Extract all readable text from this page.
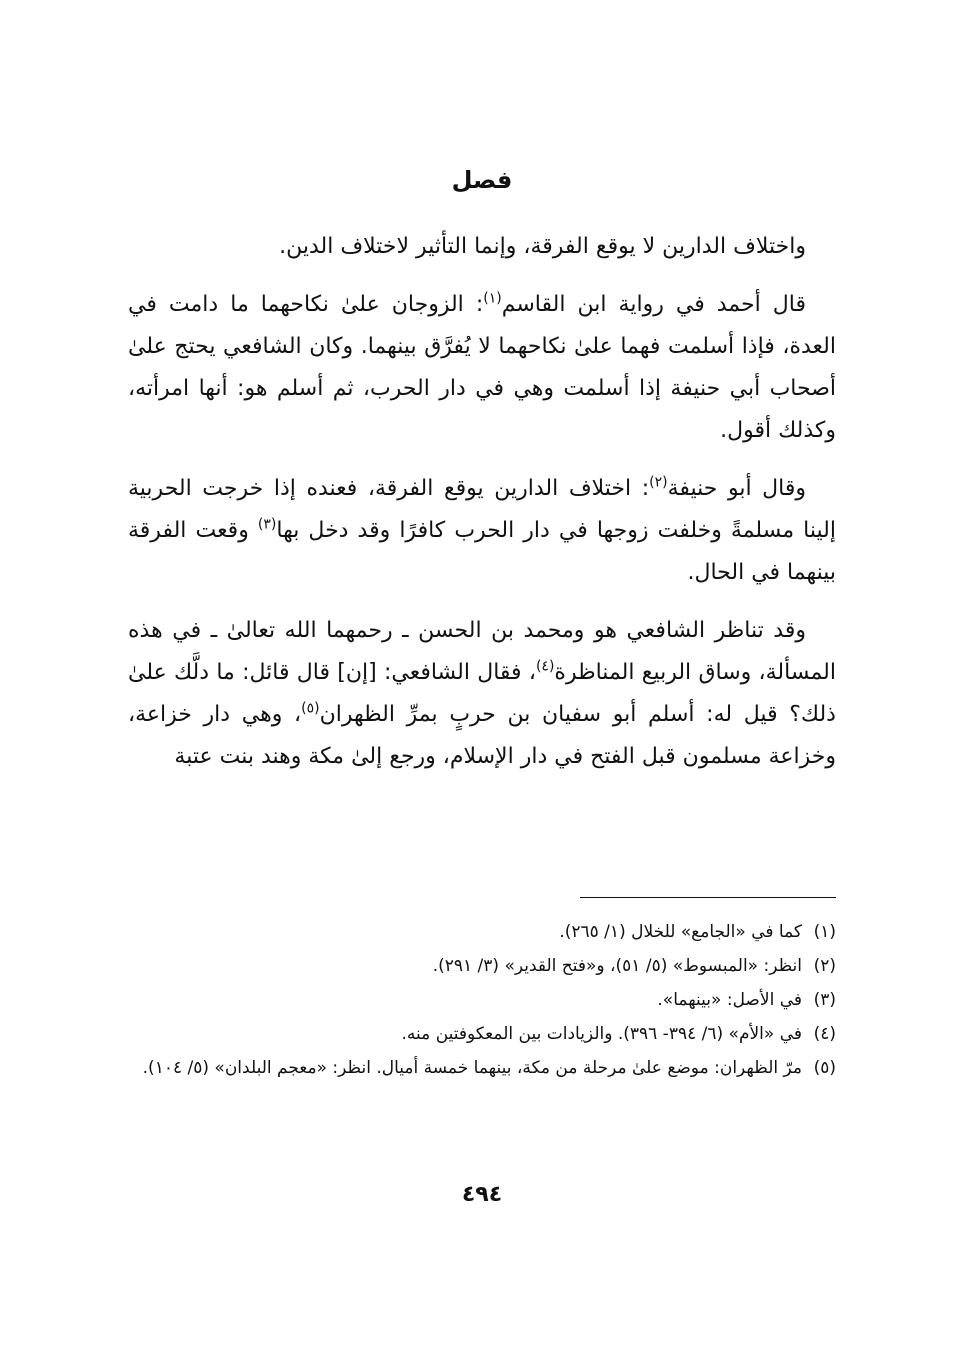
فصل

واختلاف الدارين لا يوقع الفرقة، وإنما التأثير لاختلاف الدين.

قال أحمد في رواية ابن القاسم$^{(١)}$: الزوجان علىٰ نكاحهما ما دامت في العدة، فإذا أسلمت فهما علىٰ نكاحهما لا يُفرَّق بينهما. وكان الشافعي يحتج علىٰ أصحاب أبي حنيفة إذا أسلمت وهي في دار الحرب، ثم أسلم هو: أنها امرأته، وكذلك أقول.

وقال أبو حنيفة$^{(٢)}$: اختلاف الدارين يوقع الفرقة، فعنده إذا خرجت الحربية إلينا مسلمةً وخلفت زوجها في دار الحرب كافرًا وقد دخل بها$^{(٣)}$ وقعت الفرقة بينهما في الحال.

وقد تناظر الشافعي هو ومحمد بن الحسن ـ رحمهما الله تعالىٰ ـ في هذه المسألة، وساق الربيع المناظرة$^{(٤)}$، فقال الشافعي: [إن] قال قائل: ما دلَّك علىٰ ذلك؟ قيل له: أسلم أبو سفيان بن حربٍ بمرِّ الظهران$^{(٥)}$، وهي دار خزاعة، وخزاعة مسلمون قبل الفتح في دار الإسلام، ورجع إلىٰ مكة وهند بنت عتبة

(١)
كما في «الجامع» للخلال (١/ ٢٦٥).

(٢)
انظر: «المبسوط» (٥/ ٥١)، و«فتح القدير» (٣/ ٢٩١).

(٣)
في الأصل: «بينهما».

(٤)
في «الأم» (٦/ ٣٩٤- ٣٩٦). والزيادات بين المعكوفتين منه.

(٥)
مرّ الظهران: موضع علىٰ مرحلة من مكة، بينهما خمسة أميال. انظر: «معجم البلدان» (٥/ ١٠٤).

٤٩٤
